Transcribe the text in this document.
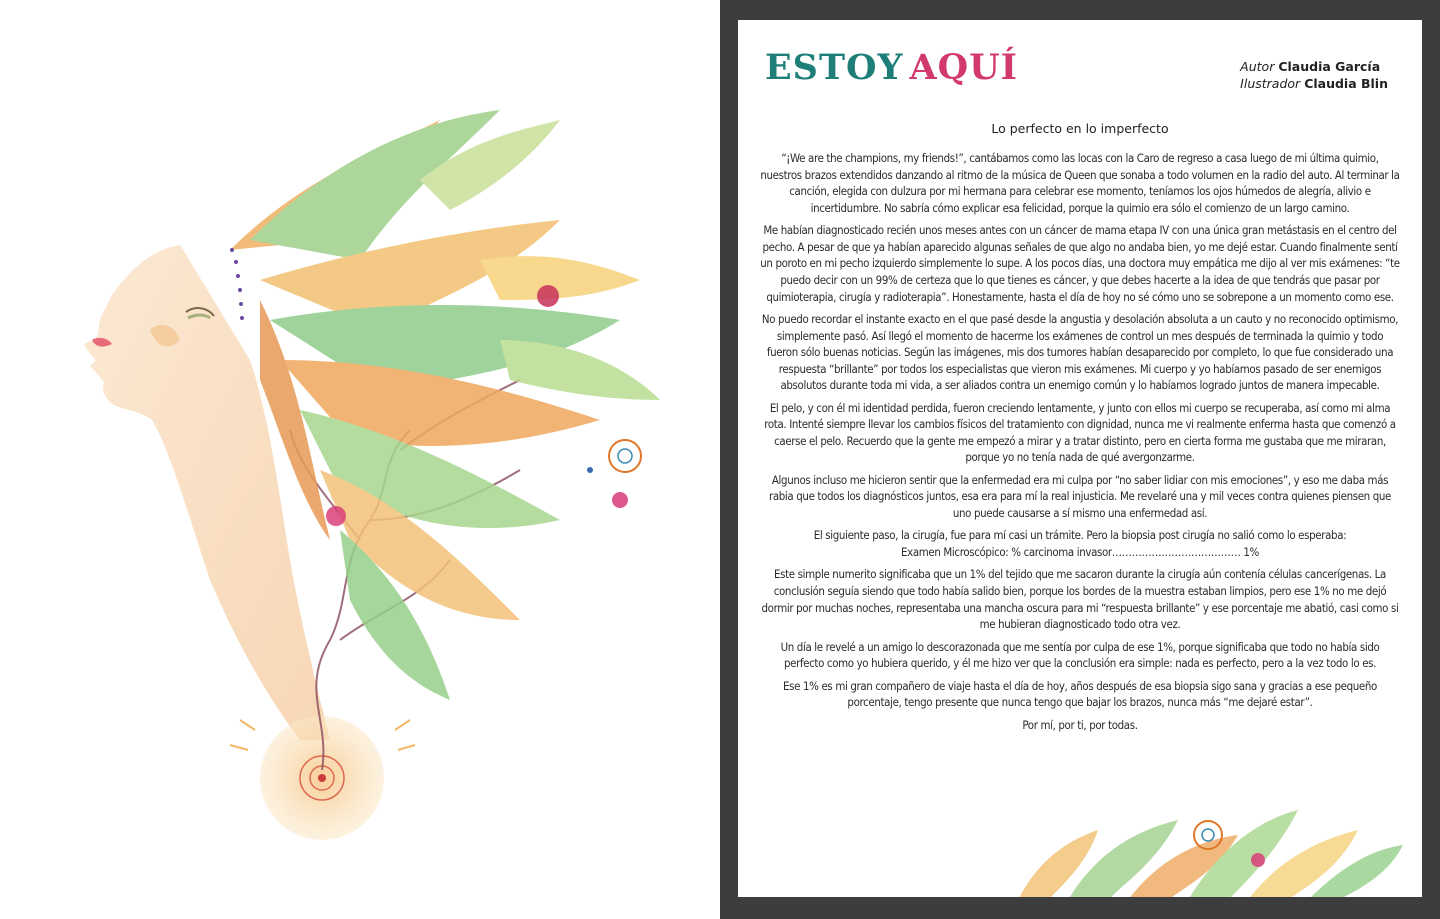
ESTOY AQUÍ	Autor Claudia García
Ilustrador Claudia Blin
Lo perfecto en lo imperfecto

“¡We are the champions, my friends!”, cantábamos como las locas con la Caro de regreso a casa luego de mi última quimio, nuestros brazos extendidos danzando al ritmo de la música de Queen que sonaba a todo volumen en la radio del auto. Al terminar la canción, elegida con dulzura por mi hermana para celebrar ese momento, teníamos los ojos húmedos de alegría, alivio e incertidumbre. No sabría cómo explicar esa felicidad, porque la quimio era sólo el comienzo de un largo camino.

Me habían diagnosticado recién unos meses antes con un cáncer de mama etapa IV con una única gran metástasis en el centro del pecho. A pesar de que ya habían aparecido algunas señales de que algo no andaba bien, yo me dejé estar. Cuando finalmente sentí un poroto en mi pecho izquierdo simplemente lo supe. A los pocos días, una doctora muy empática me dijo al ver mis exámenes: “te puedo decir con un 99% de certeza que lo que tienes es cáncer, y que debes hacerte a la idea de que tendrás que pasar por quimioterapia, cirugía y radioterapia”. Honestamente, hasta el día de hoy no sé cómo uno se sobrepone a un momento como ese.

No puedo recordar el instante exacto en el que pasé desde la angustia y desolación absoluta a un cauto y no reconocido optimismo, simplemente pasó. Así llegó el momento de hacerme los exámenes de control un mes después de terminada la quimio y todo fueron sólo buenas noticias. Según las imágenes, mis dos tumores habían desaparecido por completo, lo que fue considerado una respuesta “brillante” por todos los especialistas que vieron mis exámenes. Mi cuerpo y yo habíamos pasado de ser enemigos absolutos durante toda mi vida, a ser aliados contra un enemigo común y lo habíamos logrado juntos de manera impecable.

El pelo, y con él mi identidad perdida, fueron creciendo lentamente, y junto con ellos mi cuerpo se recuperaba, así como mi alma rota. Intenté siempre llevar los cambios físicos del tratamiento con dignidad, nunca me vi realmente enferma hasta que comenzó a caerse el pelo. Recuerdo que la gente me empezó a mirar y a tratar distinto, pero en cierta forma me gustaba que me miraran, porque yo no tenía nada de qué avergonzarme.

Algunos incluso me hicieron sentir que la enfermedad era mi culpa por “no saber lidiar con mis emociones”, y eso me daba más rabia que todos los diagnósticos juntos, esa era para mí la real injusticia. Me revelaré una y mil veces contra quienes piensen que uno puede causarse a sí mismo una enfermedad así.

El siguiente paso, la cirugía, fue para mí casi un trámite. Pero la biopsia post cirugía no salió como lo esperaba:
Examen Microscópico: % carcinoma invasor………………………………… 1%

Este simple numerito significaba que un 1% del tejido que me sacaron durante la cirugía aún contenía células cancerígenas. La conclusión seguía siendo que todo había salido bien, porque los bordes de la muestra estaban limpios, pero ese 1% no me dejó dormir por muchas noches, representaba una mancha oscura para mi “respuesta brillante” y ese porcentaje me abatió, casi como si me hubieran diagnosticado todo otra vez.

Un día le revelé a un amigo lo descorazonada que me sentía por culpa de ese 1%, porque significaba que todo no había sido perfecto como yo hubiera querido, y él me hizo ver que la conclusión era simple: nada es perfecto, pero a la vez todo lo es.

Ese 1% es mi gran compañero de viaje hasta el día de hoy, años después de esa biopsia sigo sana y gracias a ese pequeño porcentaje, tengo presente que nunca tengo que bajar los brazos, nunca más “me dejaré estar”.

Por mí, por ti, por todas.
